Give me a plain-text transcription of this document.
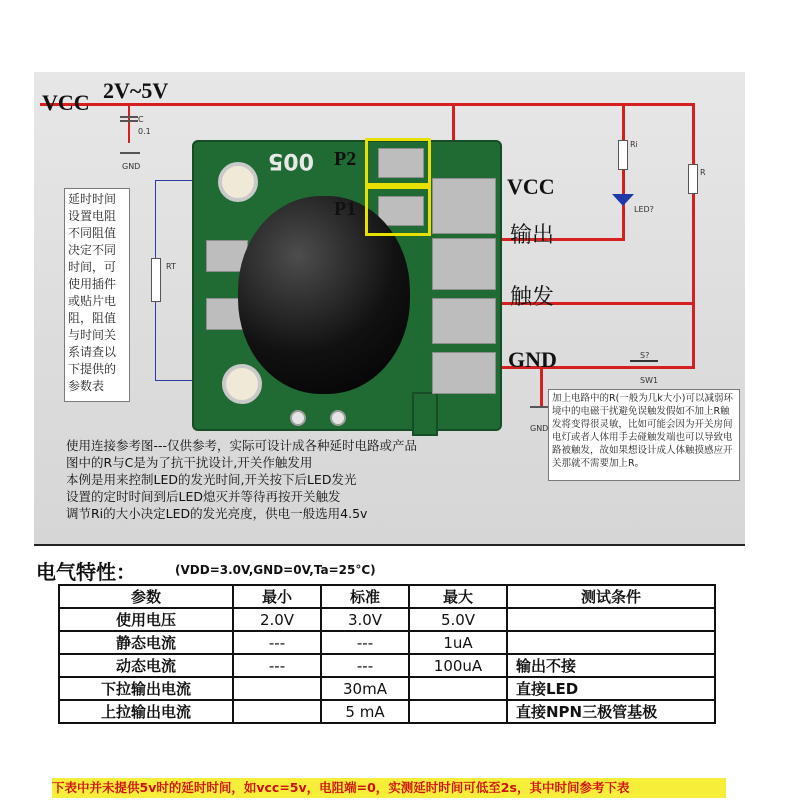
005
VCC 2V~5V
P2
P1
VCC
输出
触发
GND
C
0.1
GND
RT
Ri
LED?
R
S?
SW1
GND
延时时间设置电阻不同阻值决定不同时间，可使用插件或贴片电阻，阻值与时间关系请查以下提供的参数表
加上电路中的R(一般为几k大小)可以减弱环境中的电磁干扰避免误触发假如不加上R触发将变得很灵敏，比如可能会因为开关房间电灯或者人体用手去碰触发端也可以导致电路被触发，故如果想设计成人体触摸感应开关那就不需要加上R。
使用连接参考图---仅供参考，实际可设计成各种延时电路或产品
图中的R与C是为了抗干扰设计,开关作触发用
本例是用来控制LED的发光时间,开关按下后LED发光
设置的定时时间到后LED熄灭并等待再按开关触发
调节Ri的大小决定LED的发光亮度，供电一般选用4.5v
电气特性：	(VDD=3.0V,GND=0V,Ta=25°C)
参数	最小	标准	最大	测试条件
使用电压	2.0V	3.0V	5.0V	
静态电流	---	---	1uA	
动态电流	---	---	100uA	输出不接
下拉输出电流		30mA		直接LED
上拉输出电流		5 mA		直接NPN三极管基极
下表中并未提供5v时的延时时间，如vcc=5v，电阻端=0，实测延时时间可低至2s，其中时间参考下表
